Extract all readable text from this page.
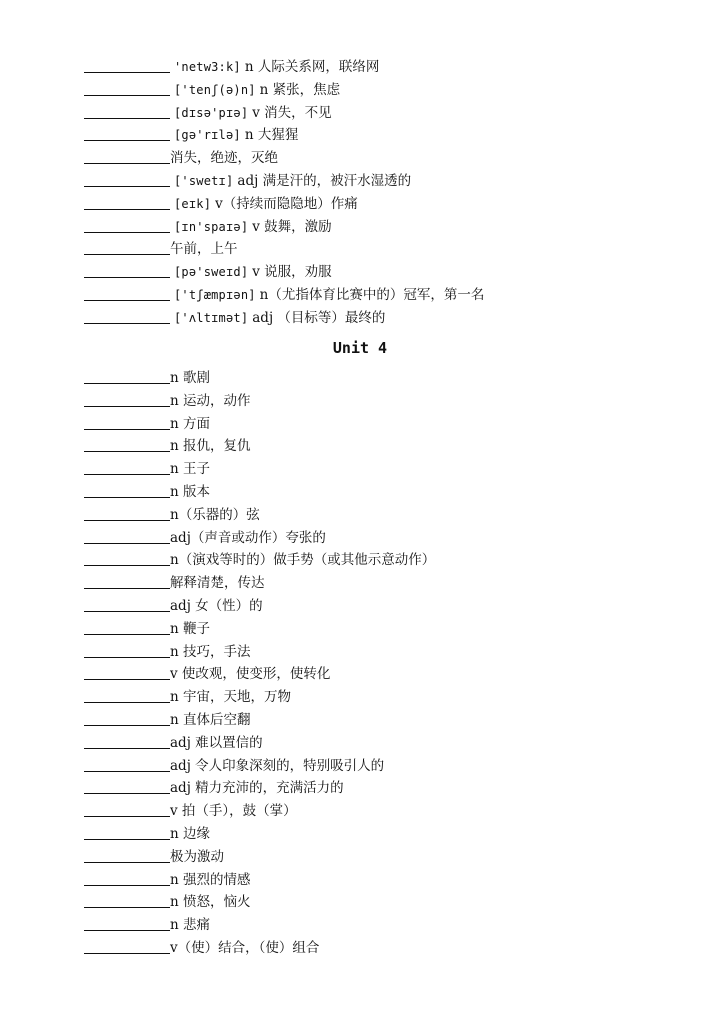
'netw3:k] n 人际关系网，联络网
['tenʃ(ə)n] n 紧张，焦虑
[dɪsə'pɪə] v 消失，不见
[gə'rɪlə] n 大猩猩
消失，绝迹，灭绝
['swetɪ] adj 满是汗的，被汗水湿透的
[eɪk] v（持续而隐隐地）作痛
[ɪn'spaɪə] v 鼓舞，激励
午前，上午
[pə'sweɪd] v 说服，劝服
['tʃæmpɪən] n（尤指体育比赛中的）冠军，第一名
['ʌltɪmət] adj （目标等）最终的
Unit 4
n 歌剧
n 运动，动作
n 方面
n 报仇，复仇
n 王子
n 版本
n（乐器的）弦
adj（声音或动作）夸张的
n（演戏等时的）做手势（或其他示意动作）
解释清楚，传达
adj 女（性）的
n 鞭子
n 技巧，手法
v 使改观，使变形，使转化
n 宇宙，天地，万物
n 直体后空翻
adj 难以置信的
adj 令人印象深刻的，特别吸引人的
adj 精力充沛的，充满活力的
v 拍（手），鼓（掌）
n 边缘
极为激动
n 强烈的情感
n 愤怒，恼火
n 悲痛
v（使）结合，（使）组合
